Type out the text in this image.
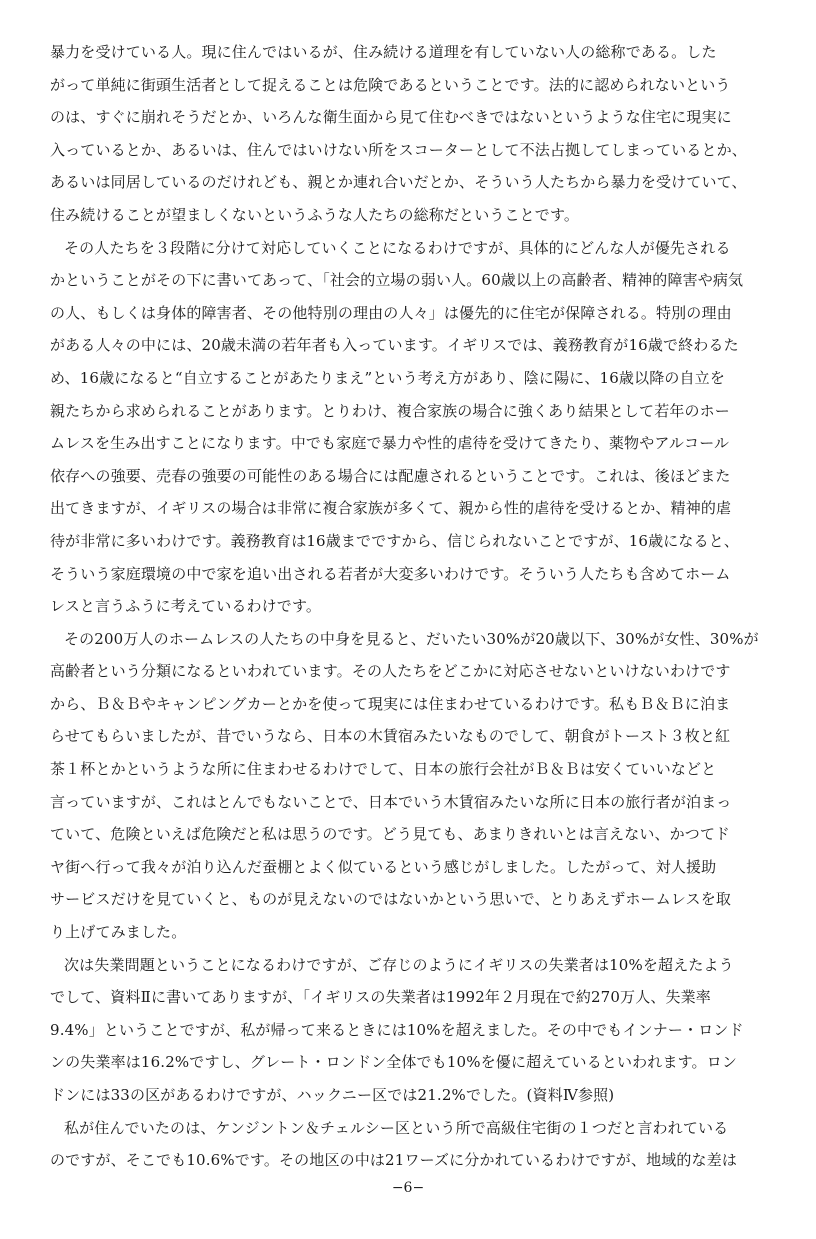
暴力を受けている人。現に住んではいるが、住み続ける道理を有していない人の総称である。した
がって単純に街頭生活者として捉えることは危険であるということです。法的に認められないという
のは、すぐに崩れそうだとか、いろんな衛生面から見て住むべきではないというような住宅に現実に
入っているとか、あるいは、住んではいけない所をスコーターとして不法占拠してしまっているとか、
あるいは同居しているのだけれども、親とか連れ合いだとか、そういう人たちから暴力を受けていて、
住み続けることが望ましくないというふうな人たちの総称だということです。
その人たちを３段階に分けて対応していくことになるわけですが、具体的にどんな人が優先される
かということがその下に書いてあって、「社会的立場の弱い人。60歳以上の高齢者、精神的障害や病気
の人、もしくは身体的障害者、その他特別の理由の人々」は優先的に住宅が保障される。特別の理由
がある人々の中には、20歳未満の若年者も入っています。イギリスでは、義務教育が16歳で終わるた
め、16歳になると“自立することがあたりまえ”という考え方があり、陰に陽に、16歳以降の自立を
親たちから求められることがあります。とりわけ、複合家族の場合に強くあり結果として若年のホー
ムレスを生み出すことになります。中でも家庭で暴力や性的虐待を受けてきたり、薬物やアルコール
依存への強要、売春の強要の可能性のある場合には配慮されるということです。これは、後ほどまた
出てきますが、イギリスの場合は非常に複合家族が多くて、親から性的虐待を受けるとか、精神的虐
待が非常に多いわけです。義務教育は16歳までですから、信じられないことですが、16歳になると、
そういう家庭環境の中で家を追い出される若者が大変多いわけです。そういう人たちも含めてホーム
レスと言うふうに考えているわけです。
その200万人のホームレスの人たちの中身を見ると、だいたい30%が20歳以下、30%が女性、30%が
高齢者という分類になるといわれています。その人たちをどこかに対応させないといけないわけです
から、Ｂ＆Ｂやキャンピングカーとかを使って現実には住まわせているわけです。私もＢ＆Ｂに泊ま
らせてもらいましたが、昔でいうなら、日本の木賃宿みたいなものでして、朝食がトースト３枚と紅
茶１杯とかというような所に住まわせるわけでして、日本の旅行会社がＢ＆Ｂは安くていいなどと
言っていますが、これはとんでもないことで、日本でいう木賃宿みたいな所に日本の旅行者が泊まっ
ていて、危険といえば危険だと私は思うのです。どう見ても、あまりきれいとは言えない、かつてド
ヤ街へ行って我々が泊り込んだ蚕棚とよく似ているという感じがしました。したがって、対人援助
サービスだけを見ていくと、ものが見えないのではないかという思いで、とりあえずホームレスを取
り上げてみました。
次は失業問題ということになるわけですが、ご存じのようにイギリスの失業者は10%を超えたよう
でして、資料Ⅱに書いてありますが、「イギリスの失業者は1992年２月現在で約270万人、失業率
9.4%」ということですが、私が帰って来るときには10%を超えました。その中でもインナー・ロンド
ンの失業率は16.2%ですし、グレート・ロンドン全体でも10%を優に超えているといわれます。ロン
ドンには33の区があるわけですが、ハックニー区では21.2%でした。(資料Ⅳ参照)
私が住んでいたのは、ケンジントン＆チェルシー区という所で高級住宅街の１つだと言われている
のですが、そこでも10.6%です。その地区の中は21ワーズに分かれているわけですが、地域的な差は
−6−
